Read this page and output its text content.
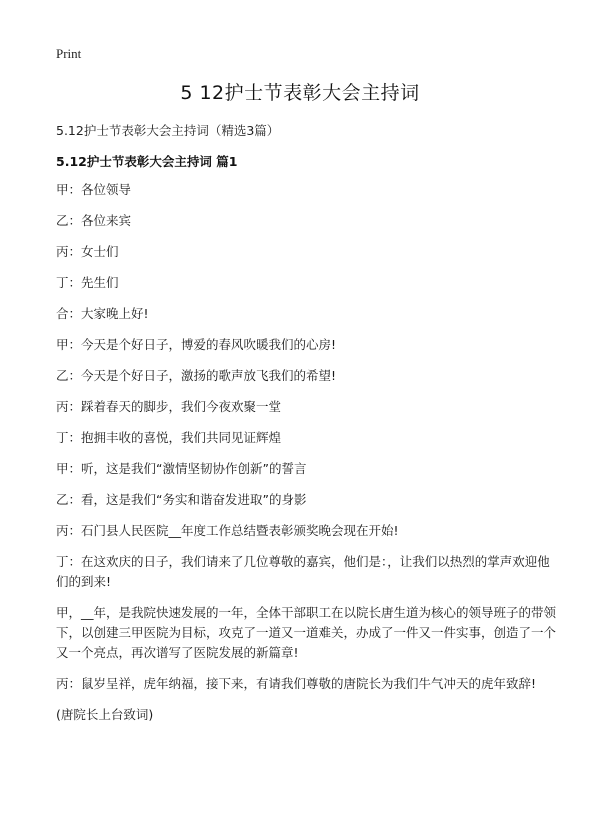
Print
5 12护士节表彰大会主持词
5.12护士节表彰大会主持词（精选3篇）
5.12护士节表彰大会主持词 篇1
甲：各位领导
乙：各位来宾
丙：女士们
丁：先生们
合：大家晚上好!
甲：今天是个好日子，博爱的春风吹暖我们的心房!
乙：今天是个好日子，激扬的歌声放飞我们的希望!
丙：踩着春天的脚步，我们今夜欢聚一堂
丁：抱拥丰收的喜悦，我们共同见证辉煌
甲：听，这是我们“激情坚韧协作创新”的誓言
乙：看，这是我们“务实和谐奋发进取”的身影
丙：石门县人民医院__年度工作总结暨表彰颁奖晚会现在开始!
丁：在这欢庆的日子，我们请来了几位尊敬的嘉宾，他们是：，让我们以热烈的掌声欢迎他们的到来!
甲，__年，是我院快速发展的一年，全体干部职工在以院长唐生道为核心的领导班子的带领下，以创建三甲医院为目标，攻克了一道又一道难关，办成了一件又一件实事，创造了一个又一个亮点，再次谱写了医院发展的新篇章!
丙：鼠岁呈祥，虎年纳福，接下来，有请我们尊敬的唐院长为我们牛气冲天的虎年致辞!
(唐院长上台致词)
